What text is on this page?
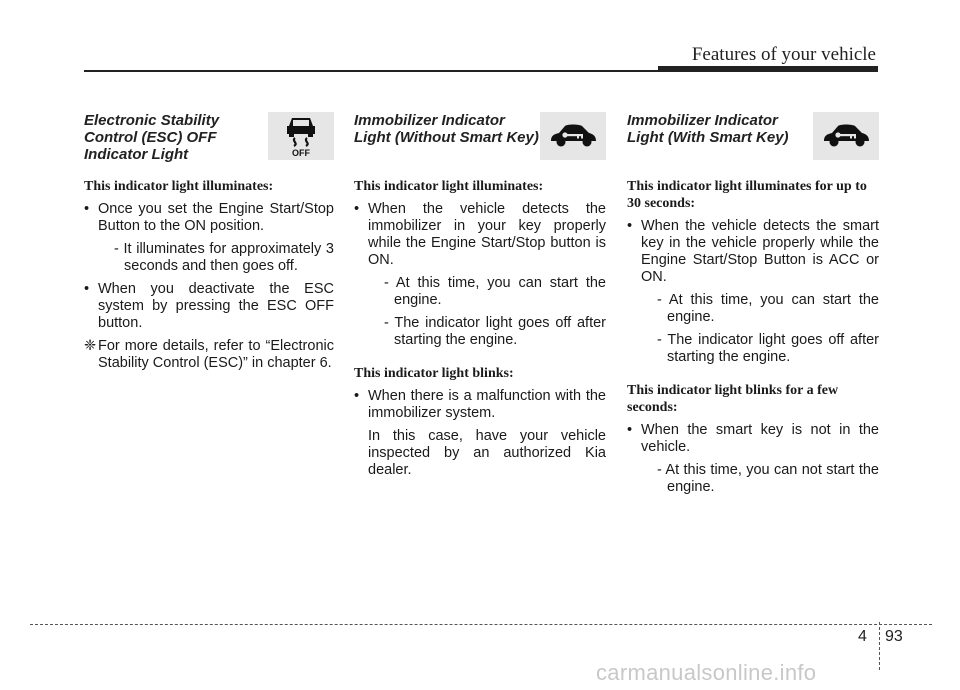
Features of your vehicle

Electronic Stability
Control (ESC) OFF
Indicator Light	OFF

This indicator light illuminates:

• Once you set the Engine Start/Stop Button to the ON position.

- It illuminates for approximately 3 seconds and then goes off.

• When you deactivate the ESC system by pressing the ESC OFF button.

❈ For more details, refer to “Electronic Stability Control (ESC)” in chapter 6.

Immobilizer Indicator
Light (Without Smart Key)

This indicator light illuminates:

• When the vehicle detects the immobilizer in your key properly while the Engine Start/Stop button is ON.

- At this time, you can start the engine.

- The indicator light goes off after starting the engine.

This indicator light blinks:

• When there is a malfunction with the immobilizer system.

In this case, have your vehicle inspected by an authorized Kia dealer.

Immobilizer Indicator
Light (With Smart Key)

This indicator light illuminates for up to 30 seconds:

• When the vehicle detects the smart key in the vehicle properly while the Engine Start/Stop Button is ACC or ON.

- At this time, you can start the engine.

- The indicator light goes off after starting the engine.

This indicator light blinks for a few seconds:

• When the smart key is not in the vehicle.

- At this time, you can not start the engine.

4 93
carmanualsonline.info
